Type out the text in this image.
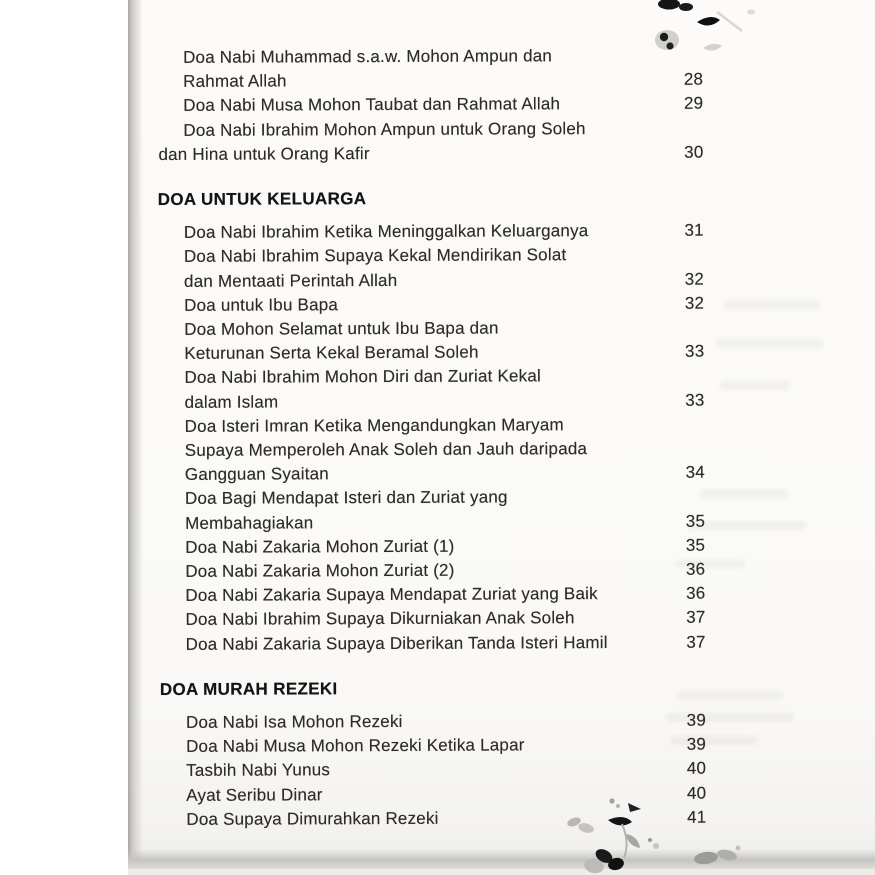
Doa Nabi Muhammad s.a.w. Mohon Ampun dan
Rahmat Allah	28
Doa Nabi Musa Mohon Taubat dan Rahmat Allah	29
Doa Nabi Ibrahim Mohon Ampun untuk Orang Soleh
dan Hina untuk Orang Kafir	30
DOA UNTUK KELUARGA
Doa Nabi Ibrahim Ketika Meninggalkan Keluarganya	31
Doa Nabi Ibrahim Supaya Kekal Mendirikan Solat
dan Mentaati Perintah Allah	32
Doa untuk Ibu Bapa	32
Doa Mohon Selamat untuk Ibu Bapa dan
Keturunan Serta Kekal Beramal Soleh	33
Doa Nabi Ibrahim Mohon Diri dan Zuriat Kekal
dalam Islam	33
Doa Isteri Imran Ketika Mengandungkan Maryam
Supaya Memperoleh Anak Soleh dan Jauh daripada
Gangguan Syaitan	34
Doa Bagi Mendapat Isteri dan Zuriat yang
Membahagiakan	35
Doa Nabi Zakaria Mohon Zuriat (1)	35
Doa Nabi Zakaria Mohon Zuriat (2)	36
Doa Nabi Zakaria Supaya Mendapat Zuriat yang Baik	36
Doa Nabi Ibrahim Supaya Dikurniakan Anak Soleh	37
Doa Nabi Zakaria Supaya Diberikan Tanda Isteri Hamil	37
DOA MURAH REZEKI
Doa Nabi Isa Mohon Rezeki	39
Doa Nabi Musa Mohon Rezeki Ketika Lapar	39
Tasbih Nabi Yunus	40
Ayat Seribu Dinar	40
Doa Supaya Dimurahkan Rezeki	41
